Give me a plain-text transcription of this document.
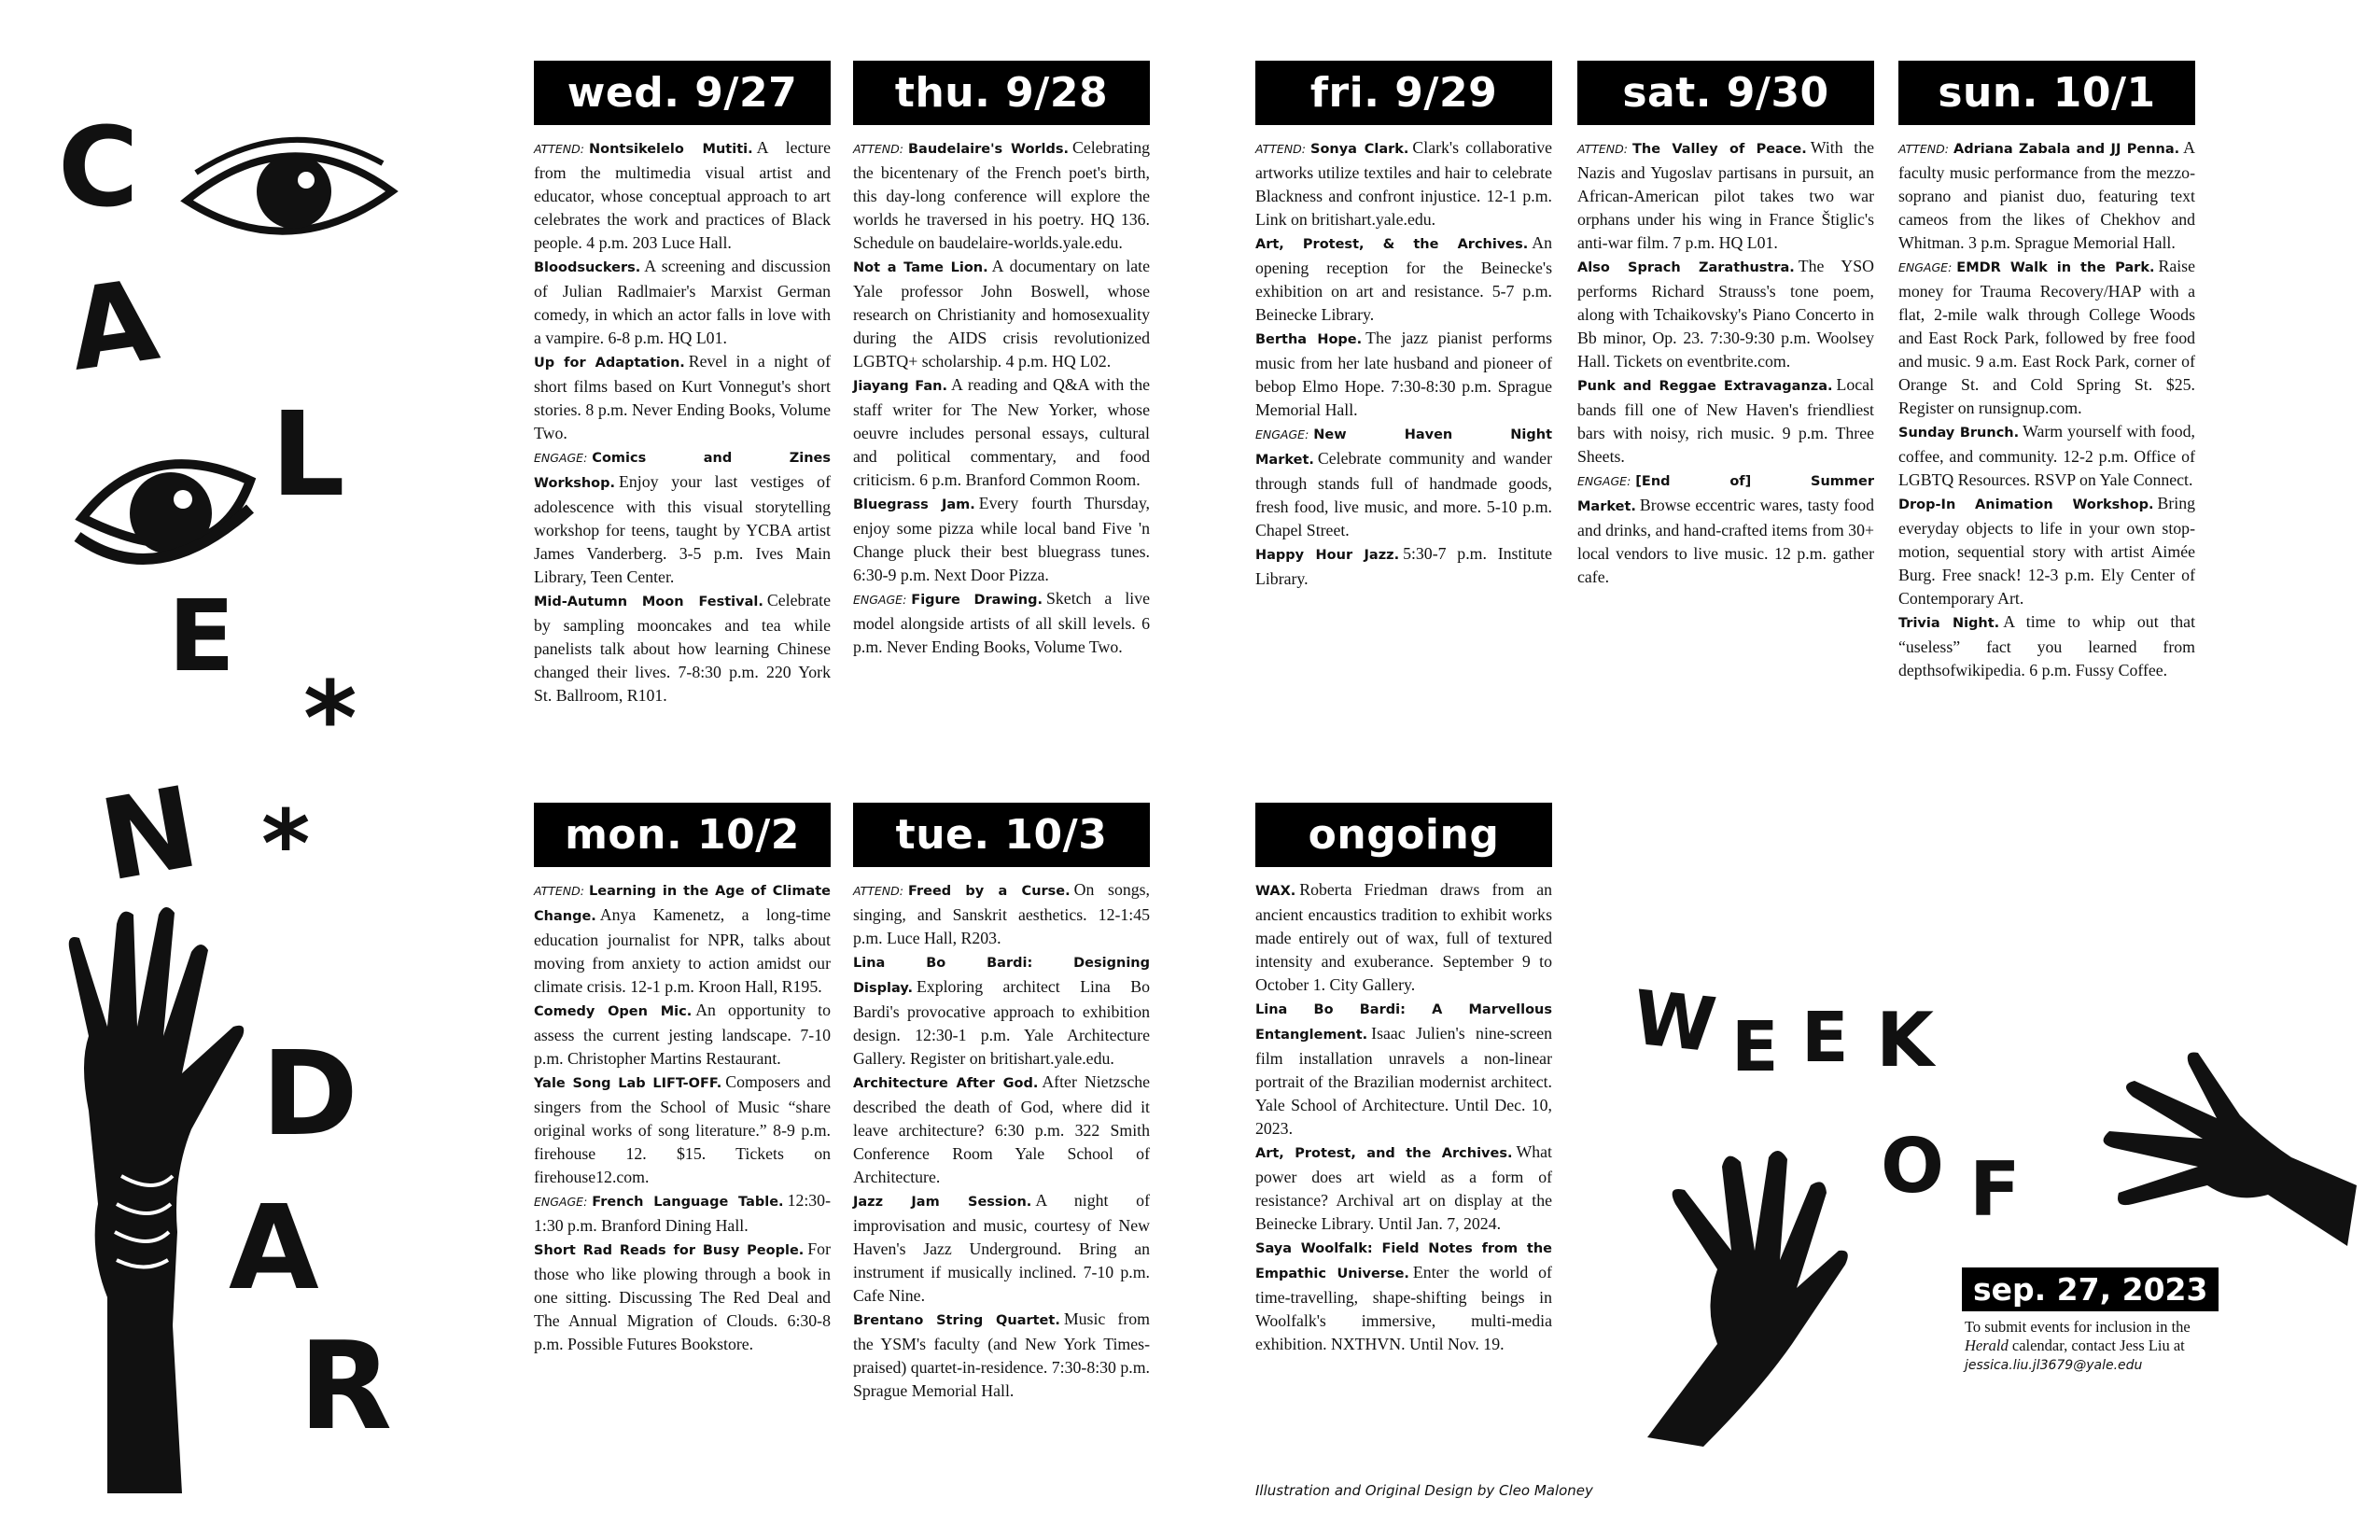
C
A
L
E
*
N *
D
A
R
wed. 9/27

ATTEND: Nontsikelelo Mutiti. A lecture from the multimedia visual artist and educator, whose conceptual approach to art celebrates the work and practices of Black people. 4 p.m. 203 Luce Hall.

Bloodsuckers. A screening and discussion of Julian Radlmaier's Marxist German comedy, in which an actor falls in love with a vampire. 6-8 p.m. HQ L01.

Up for Adaptation. Revel in a night of short films based on Kurt Vonnegut's short stories. 8 p.m. Never Ending Books, Volume Two.

ENGAGE: Comics and Zines Workshop. Enjoy your last vestiges of adolescence with this visual storytelling workshop for teens, taught by YCBA artist James Vanderberg. 3-5 p.m. Ives Main Library, Teen Center.

Mid-Autumn Moon Festival. Celebrate by sampling mooncakes and tea while panelists talk about how learning Chinese changed their lives. 7-8:30 p.m. 220 York St. Ballroom, R101.

thu. 9/28

ATTEND: Baudelaire's Worlds. Celebrating the bicentenary of the French poet's birth, this day-long conference will explore the worlds he traversed in his poetry. HQ 136. Schedule on baudelaire-worlds.yale.edu.

Not a Tame Lion. A documentary on late Yale professor John Boswell, whose research on Christianity and homosexuality during the AIDS crisis revolutionized LGBTQ+ scholarship. 4 p.m. HQ L02.

Jiayang Fan. A reading and Q&A with the staff writer for The New Yorker, whose oeuvre includes personal essays, cultural and political commentary, and food criticism. 6 p.m. Branford Common Room.

Bluegrass Jam. Every fourth Thursday, enjoy some pizza while local band Five 'n Change pluck their best bluegrass tunes. 6:30-9 p.m. Next Door Pizza.

ENGAGE: Figure Drawing. Sketch a live model alongside artists of all skill levels. 6 p.m. Never Ending Books, Volume Two.

fri. 9/29

ATTEND: Sonya Clark. Clark's collaborative artworks utilize textiles and hair to celebrate Blackness and confront injustice. 12-1 p.m. Link on britishart.yale.edu.

Art, Protest, & the Archives. An opening reception for the Beinecke's exhibition on art and resistance. 5-7 p.m. Beinecke Library.

Bertha Hope. The jazz pianist performs music from her late husband and pioneer of bebop Elmo Hope. 7:30-8:30 p.m. Sprague Memorial Hall.

ENGAGE: New Haven Night Market. Celebrate community and wander through stands full of handmade goods, fresh food, live music, and more. 5-10 p.m. Chapel Street.

Happy Hour Jazz. 5:30-7 p.m. Institute Library.

sat. 9/30

ATTEND: The Valley of Peace. With the Nazis and Yugoslav partisans in pursuit, an African-American pilot takes two war orphans under his wing in France Štiglic's anti-war film. 7 p.m. HQ L01.

Also Sprach Zarathustra. The YSO performs Richard Strauss's tone poem, along with Tchaikovsky's Piano Concerto in Bb minor, Op. 23. 7:30-9:30 p.m. Woolsey Hall. Tickets on eventbrite.com.

Punk and Reggae Extravaganza. Local bands fill one of New Haven's friendliest bars with noisy, rich music. 9 p.m. Three Sheets.

ENGAGE: [End of] Summer Market. Browse eccentric wares, tasty food and drinks, and hand-crafted items from 30+ local vendors to live music. 12 p.m. gather cafe.

sun. 10/1

ATTEND: Adriana Zabala and JJ Penna. A faculty music performance from the mezzo-soprano and pianist duo, featuring text cameos from the likes of Chekhov and Whitman. 3 p.m. Sprague Memorial Hall.

ENGAGE: EMDR Walk in the Park. Raise money for Trauma Recovery/HAP with a flat, 2-mile walk through College Woods and East Rock Park, followed by free food and music. 9 a.m. East Rock Park, corner of Orange St. and Cold Spring St. $25. Register on runsignup.com.

Sunday Brunch. Warm yourself with food, coffee, and community. 12-2 p.m. Office of LGBTQ Resources. RSVP on Yale Connect.

Drop-In Animation Workshop. Bring everyday objects to life in your own stop-motion, sequential story with artist Aimée Burg. Free snack! 12-3 p.m. Ely Center of Contemporary Art.

Trivia Night. A time to whip out that “useless” fact you learned from depthsofwikipedia. 6 p.m. Fussy Coffee.

mon. 10/2

ATTEND: Learning in the Age of Climate Change. Anya Kamenetz, a long-time education journalist for NPR, talks about moving from anxiety to action amidst our climate crisis. 12-1 p.m. Kroon Hall, R195.

Comedy Open Mic. An opportunity to assess the current jesting landscape. 7-10 p.m. Christopher Martins Restaurant.

Yale Song Lab LIFT-OFF. Composers and singers from the School of Music “share original works of song literature.” 8-9 p.m. firehouse 12. $15. Tickets on firehouse12.com.

ENGAGE: French Language Table. 12:30-1:30 p.m. Branford Dining Hall.

Short Rad Reads for Busy People. For those who like plowing through a book in one sitting. Discussing The Red Deal and The Annual Migration of Clouds. 6:30-8 p.m. Possible Futures Bookstore.

tue. 10/3

ATTEND: Freed by a Curse. On songs, singing, and Sanskrit aesthetics. 12-1:45 p.m. Luce Hall, R203.

Lina Bo Bardi: Designing Display. Exploring architect Lina Bo Bardi's provocative approach to exhibition design. 12:30-1 p.m. Yale Architecture Gallery. Register on britishart.yale.edu.

Architecture After God. After Nietzsche described the death of God, where did it leave architecture? 6:30 p.m. 322 Smith Conference Room Yale School of Architecture.

Jazz Jam Session. A night of improvisation and music, courtesy of New Haven's Jazz Underground. Bring an instrument if musically inclined. 7-10 p.m. Cafe Nine.

Brentano String Quartet. Music from the YSM's faculty (and New York Times-praised) quartet-in-residence. 7:30-8:30 p.m. Sprague Memorial Hall.

ongoing

WAX. Roberta Friedman draws from an ancient encaustics tradition to exhibit works made entirely out of wax, full of textured intensity and exuberance. September 9 to October 1. City Gallery.

Lina Bo Bardi: A Marvellous Entanglement. Isaac Julien's nine-screen film installation unravels a non-linear portrait of the Brazilian modernist architect. Yale School of Architecture. Until Dec. 10, 2023.

Art, Protest, and the Archives. What power does art wield as a form of resistance? Archival art on display at the Beinecke Library. Until Jan. 7, 2024.

Saya Woolfalk: Field Notes from the Empathic Universe. Enter the world of time-travelling, shape-shifting beings in Woolfalk's immersive, multi-media exhibition. NXTHVN. Until Nov. 19.

W E E K
O F
sep. 27, 2023
To submit events for inclusion in the Herald calendar, contact Jess Liu at jessica.liu.jl3679@yale.edu
Illustration and Original Design by Cleo Maloney
